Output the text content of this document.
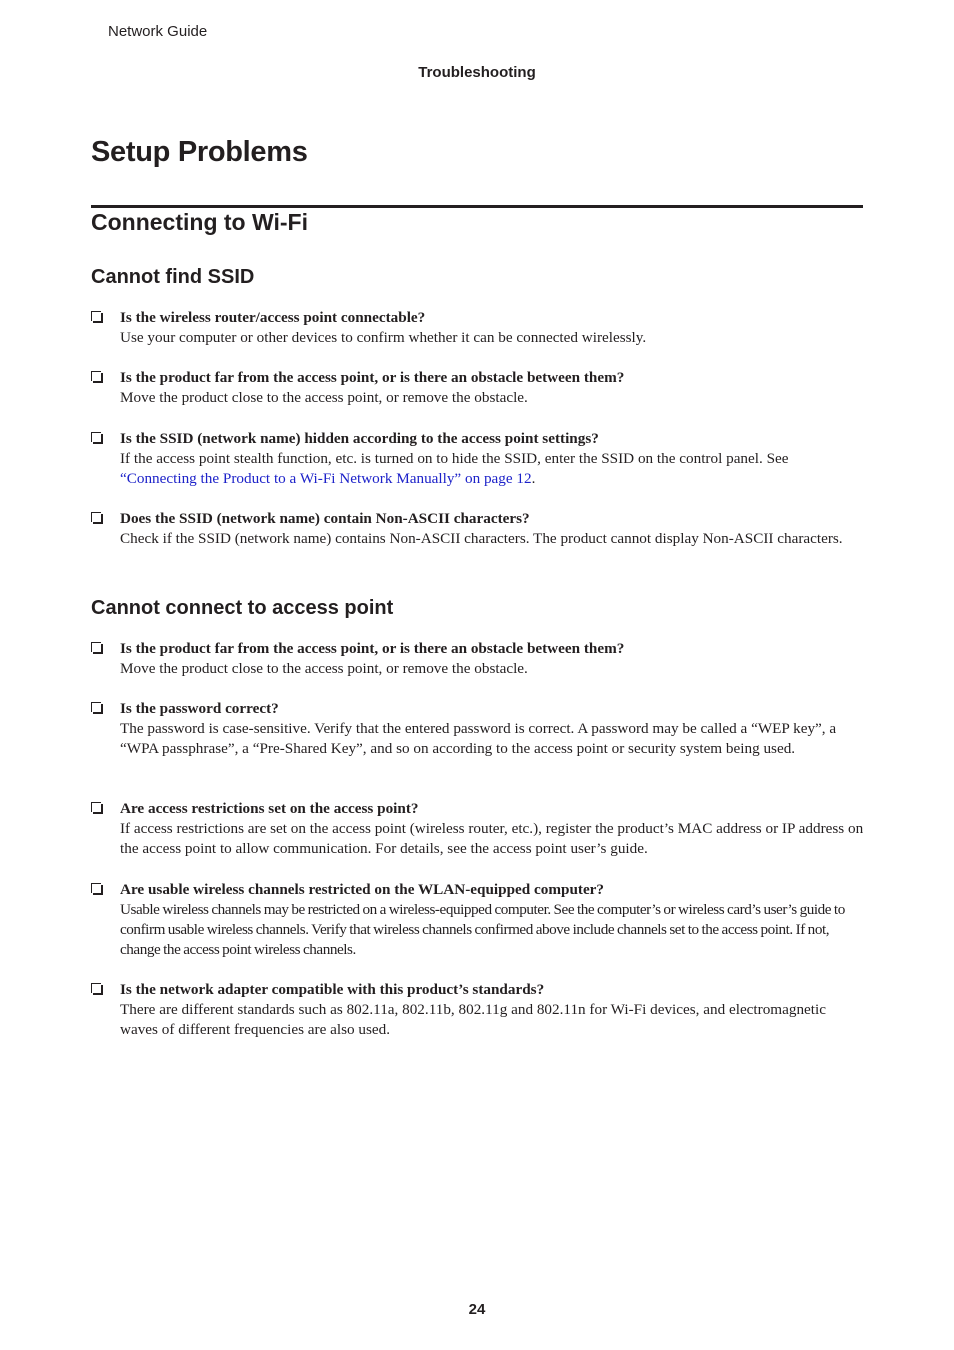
Network Guide
Troubleshooting
Setup Problems
Connecting to Wi-Fi
Cannot find SSID
Is the wireless router/access point connectable?
Use your computer or other devices to confirm whether it can be connected wirelessly.
Is the product far from the access point, or is there an obstacle between them?
Move the product close to the access point, or remove the obstacle.
Is the SSID (network name) hidden according to the access point settings?
If the access point stealth function, etc. is turned on to hide the SSID, enter the SSID on the control panel. See
“Connecting the Product to a Wi-Fi Network Manually” on page 12.
Does the SSID (network name) contain Non-ASCII characters?
Check if the SSID (network name) contains Non-ASCII characters. The product cannot display Non-ASCII characters.
Cannot connect to access point
Is the product far from the access point, or is there an obstacle between them?
Move the product close to the access point, or remove the obstacle.
Is the password correct?
The password is case-sensitive. Verify that the entered password is correct. A password may be called a “WEP key”, a “WPA passphrase”, a “Pre-Shared Key”, and so on according to the access point or security system being used.
Are access restrictions set on the access point?
If access restrictions are set on the access point (wireless router, etc.), register the product’s MAC address or IP address on the access point to allow communication. For details, see the access point user’s guide.
Are usable wireless channels restricted on the WLAN-equipped computer?
Usable wireless channels may be restricted on a wireless-equipped computer. See the computer’s or wireless card’s user’s guide to confirm usable wireless channels. Verify that wireless channels confirmed above include channels set to the access point. If not, change the access point wireless channels.
Is the network adapter compatible with this product’s standards?
There are different standards such as 802.11a, 802.11b, 802.11g and 802.11n for Wi-Fi devices, and electromagnetic waves of different frequencies are also used.
24
